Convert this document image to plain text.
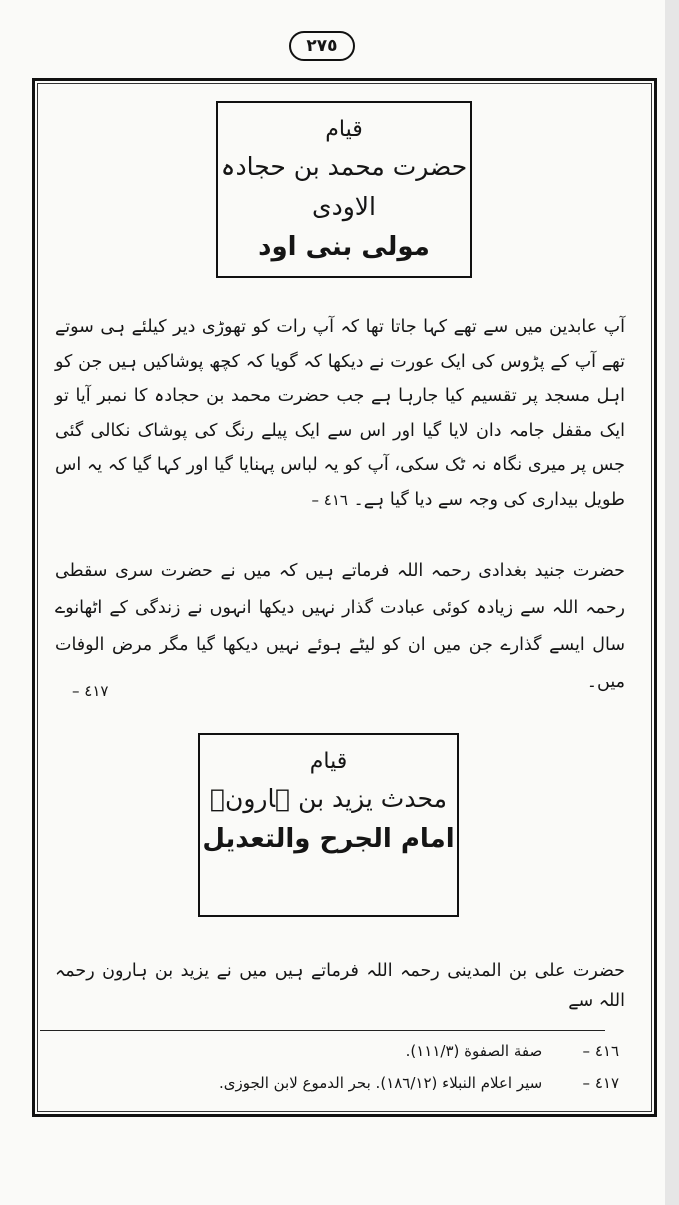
٢٧٥
قیام
حضرت محمد بن حجادہ الاودی
مولی بنی اود
آپ عابدین میں سے تھے کہا جاتا تھا کہ آپ رات کو تھوڑی دیر کیلئے ہی سوتے تھے آپ کے پڑوس کی ایک عورت نے دیکھا کہ گویا کہ کچھ پوشاکیں ہیں جن کو اہل مسجد پر تقسیم کیا جارہا ہے جب حضرت محمد بن حجادہ کا نمبر آیا تو ایک مقفل جامہ دان لایا گیا اور اس سے ایک پیلے رنگ کی پوشاک نکالی گئی جس پر میری نگاہ نہ ٹک سکی، آپ کو یہ لباس پہنایا گیا اور کہا گیا کہ یہ اس طویل بیداری کی وجہ سے دیا گیا ہے۔ ٤١٦ –
حضرت جنید بغدادی رحمہ اللہ فرماتے ہیں کہ میں نے حضرت سری سقطی رحمہ اللہ سے زیادہ کوئی عبادت گذار نہیں دیکھا انہوں نے زندگی کے اٹھانوے سال ایسے گذارے جن میں ان کو لیٹے ہوئے نہیں دیکھا گیا مگر مرض الوفات میں۔
٤١٧ –
قیام
محدث یزید بن ہارونؒ
امام الجرح والتعدیل
حضرت علی بن المدینی رحمہ اللہ فرماتے ہیں میں نے یزید بن ہارون رحمہ اللہ سے
٤١٦ – صفة الصفوة (١١١/٣).
٤١٧ – سیر اعلام النبلاء (١٨٦/١٢). بحر الدموع لابن الجوزی.
